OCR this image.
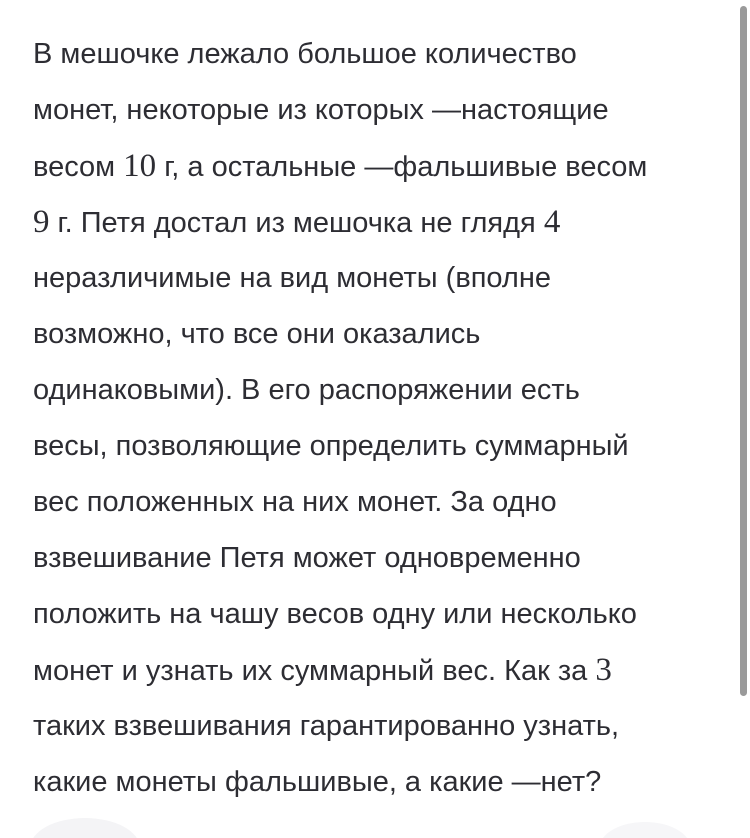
В мешочке лежало большое количество
монет, некоторые из которых —настоящие
весом 10 г, а остальные —фальшивые весом
9 г. Петя достал из мешочка не глядя 4
неразличимые на вид монеты (вполне
возможно, что все они оказались
одинаковыми). В его распоряжении есть
весы, позволяющие определить суммарный
вес положенных на них монет. За одно
взвешивание Петя может одновременно
положить на чашу весов одну или несколько
монет и узнать их суммарный вес. Как за 3
таких взвешивания гарантированно узнать,
какие монеты фальшивые, а какие —нет?
